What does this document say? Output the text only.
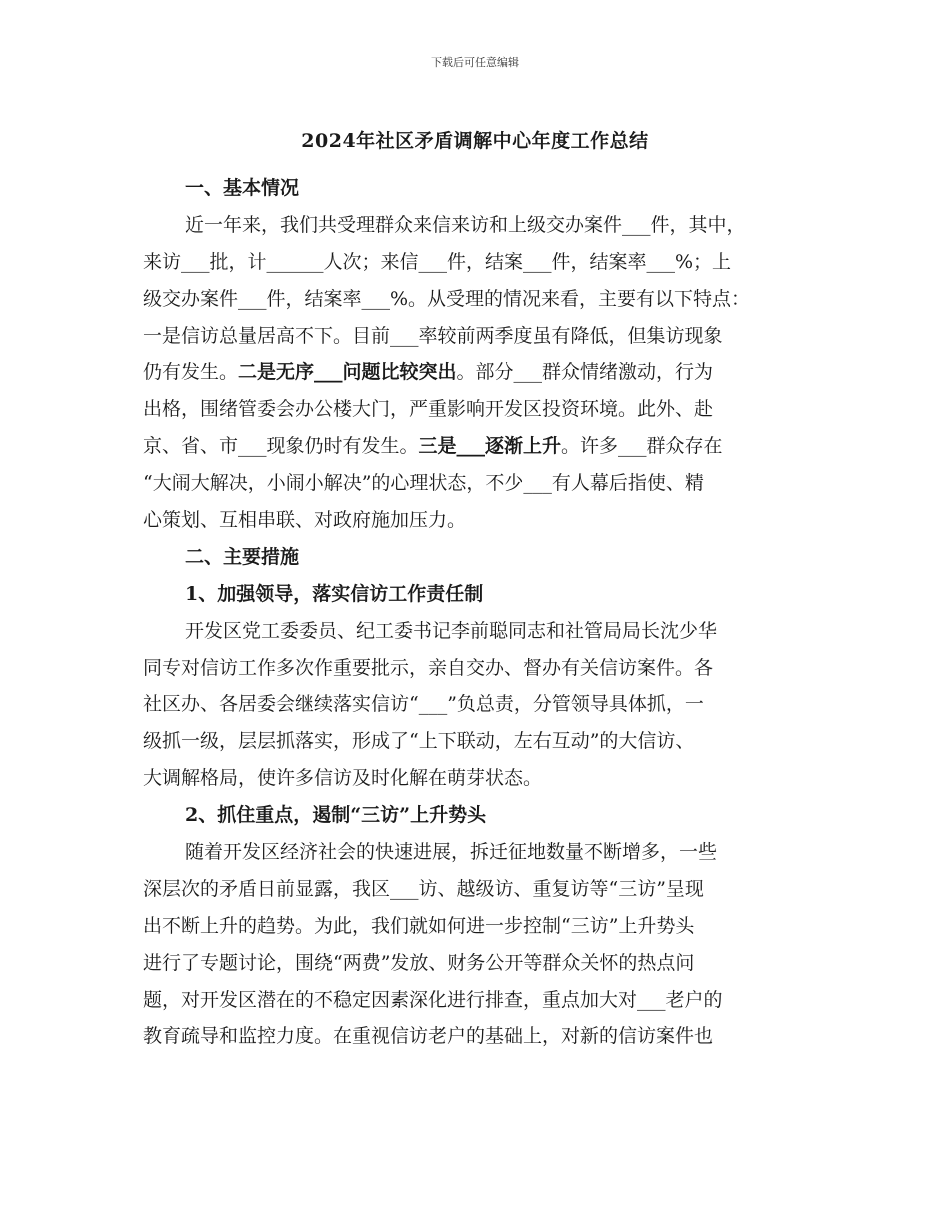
下载后可任意编辑
2024年社区矛盾调解中心年度工作总结
一、基本情况
近一年来，我们共受理群众来信来访和上级交办案件___件，其中，
来访___批，计______人次；来信___件，结案___件，结案率___%；上
级交办案件___件，结案率___%。从受理的情况来看，主要有以下特点：
一是信访总量居高不下。目前___率较前两季度虽有降低，但集访现象
仍有发生。二是无序___问题比较突出。部分___群众情绪激动，行为
出格，围绪管委会办公楼大门，严重影响开发区投资环境。此外、赴
京、省、市___现象仍时有发生。三是___逐渐上升。许多___群众存在
“大闹大解决，小闹小解决”的心理状态，不少___有人幕后指使、精
心策划、互相串联、对政府施加压力。
二、主要措施
1、加强领导，落实信访工作责任制
开发区党工委委员、纪工委书记李前聪同志和社管局局长沈少华
同专对信访工作多次作重要批示，亲自交办、督办有关信访案件。各
社区办、各居委会继续落实信访“___”负总责，分管领导具体抓，一
级抓一级，层层抓落实，形成了“上下联动，左右互动”的大信访、
大调解格局，使许多信访及时化解在萌芽状态。
2、抓住重点，遏制“三访”上升势头
随着开发区经济社会的快速进展，拆迁征地数量不断增多，一些
深层次的矛盾日前显露，我区___访、越级访、重复访等“三访”呈现
出不断上升的趋势。为此，我们就如何进一步控制“三访”上升势头
进行了专题讨论，围绕“两费”发放、财务公开等群众关怀的热点问
题，对开发区潜在的不稳定因素深化进行排查，重点加大对___老户的
教育疏导和监控力度。在重视信访老户的基础上，对新的信访案件也
